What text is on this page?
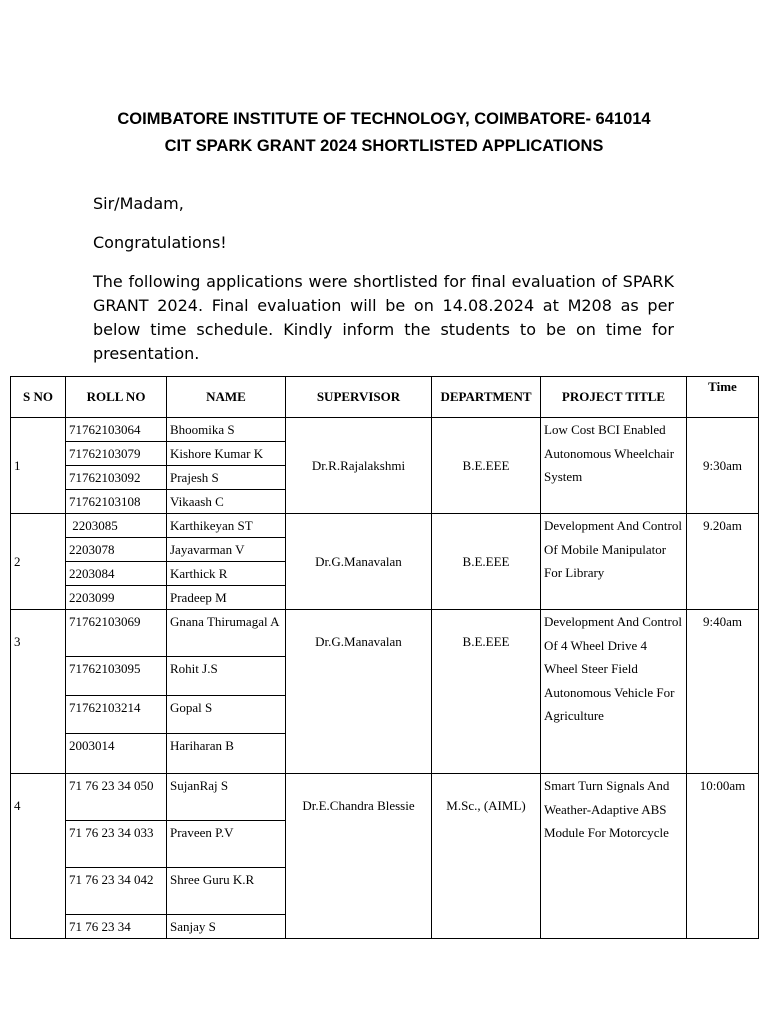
COIMBATORE INSTITUTE OF TECHNOLOGY, COIMBATORE- 641014
CIT SPARK GRANT 2024 SHORTLISTED APPLICATIONS
Sir/Madam,
Congratulations!
The following applications were shortlisted for final evaluation of SPARK GRANT 2024. Final evaluation will be on 14.08.2024 at M208 as per below time schedule. Kindly inform the students to be on time for presentation.
S NO	ROLL NO	NAME	SUPERVISOR	DEPARTMENT	PROJECT TITLE	Time
1	71762103064	Bhoomika S	Dr.R.Rajalakshmi	B.E.EEE	Low Cost BCI Enabled Autonomous Wheelchair System	9:30am
	71762103079	Kishore Kumar K				
	71762103092	Prajesh S				
	71762103108	Vikaash C				
2	2203085	Karthikeyan ST	Dr.G.Manavalan	B.E.EEE	Development And Control Of Mobile Manipulator For Library	9.20am
	2203078	Jayavarman V				
	2203084	Karthick R				
	2203099	Pradeep M				
3	71762103069	Gnana Thirumagal A	Dr.G.Manavalan	B.E.EEE	Development And Control Of 4 Wheel Drive 4 Wheel Steer Field Autonomous Vehicle For Agriculture	9:40am
	71762103095	Rohit J.S				
	71762103214	Gopal S				
	2003014	Hariharan B				
4	71 76 23 34 050	SujanRaj S	Dr.E.Chandra Blessie	M.Sc., (AIML)	Smart Turn Signals And Weather-Adaptive ABS Module For Motorcycle	10:00am
	71 76 23 34 033	Praveen P.V				
	71 76 23 34 042	Shree Guru K.R				
	71 76 23 34	Sanjay S				
